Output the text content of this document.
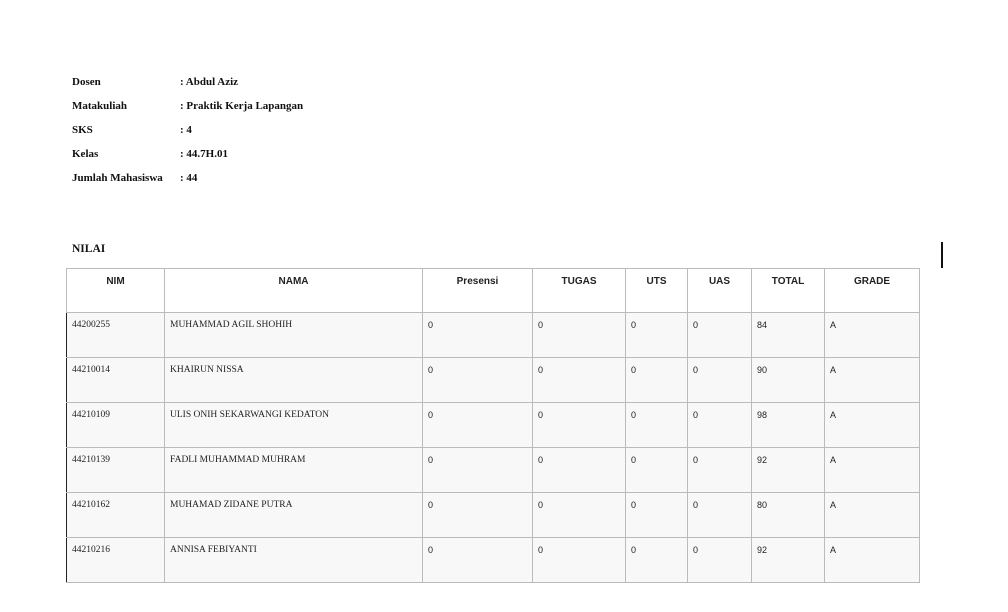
Dosen	: Abdul Aziz
Matakuliah	: Praktik Kerja Lapangan
SKS	: 4
Kelas	: 44.7H.01
Jumlah Mahasiswa	: 44
NILAI
NIM	NAMA	Presensi	TUGAS	UTS	UAS	TOTAL	GRADE
44200255	MUHAMMAD AGIL SHOHIH	0	0	0	0	84	A
44210014	KHAIRUN NISSA	0	0	0	0	90	A
44210109	ULIS ONIH SEKARWANGI KEDATON	0	0	0	0	98	A
44210139	FADLI MUHAMMAD MUHRAM	0	0	0	0	92	A
44210162	MUHAMAD ZIDANE PUTRA	0	0	0	0	80	A
44210216	ANNISA FEBIYANTI	0	0	0	0	92	A
